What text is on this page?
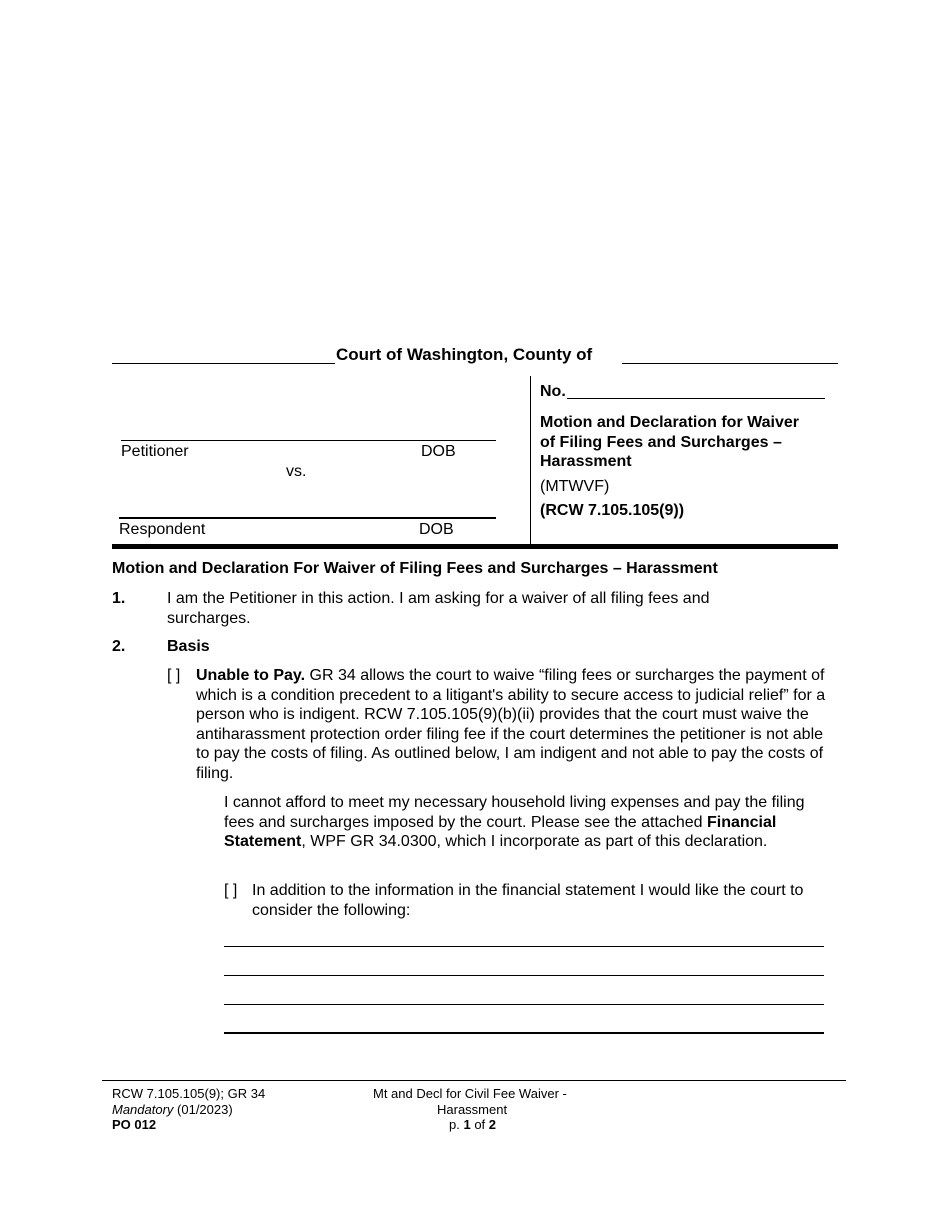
Court of Washington, County of
Petitioner	DOB
vs.
Respondent	DOB
No.
Motion and Declaration for Waiver
of Filing Fees and Surcharges –
Harassment
(MTWVF)
(RCW 7.105.105(9))
Motion and Declaration For Waiver of Filing Fees and Surcharges – Harassment
1.	I am the Petitioner in this action. I am asking for a waiver of all filing fees and surcharges.
2.	Basis
[ ] Unable to Pay. GR 34 allows the court to waive “filing fees or surcharges the payment of which is a condition precedent to a litigant's ability to secure access to judicial relief” for a person who is indigent. RCW 7.105.105(9)(b)(ii) provides that the court must waive the antiharassment protection order filing fee if the court determines the petitioner is not able to pay the costs of filing. As outlined below, I am indigent and not able to pay the costs of filing.
I cannot afford to meet my necessary household living expenses and pay the filing fees and surcharges imposed by the court. Please see the attached Financial Statement, WPF GR 34.0300, which I incorporate as part of this declaration.
[ ] In addition to the information in the financial statement I would like the court to consider the following:
RCW 7.105.105(9); GR 34
Mandatory (01/2023)
PO 012
Mt and Decl for Civil Fee Waiver -
Harassment
p. 1 of 2
